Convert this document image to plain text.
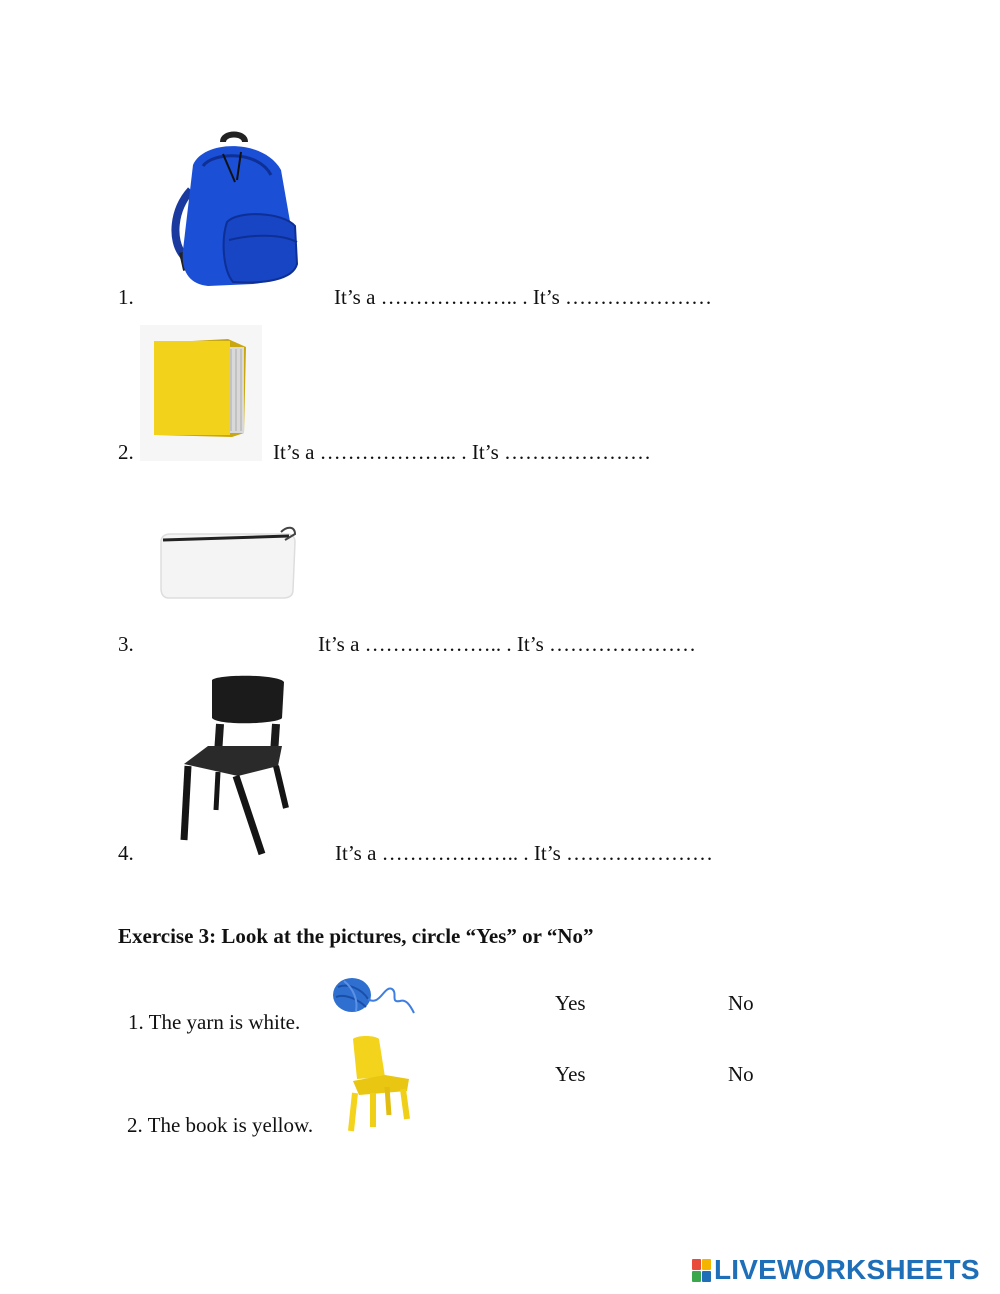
1.	It’s a ……………….. . It’s …………………
2.	It’s a ……………….. . It’s …………………
3.	It’s a ……………….. . It’s …………………
4.	It’s a ……………….. . It’s …………………
Exercise 3: Look at the pictures, circle “Yes” or “No”
1. The yarn is white.
Yes	No
2. The book is yellow.
Yes	No
LIVEWORKSHEETS
